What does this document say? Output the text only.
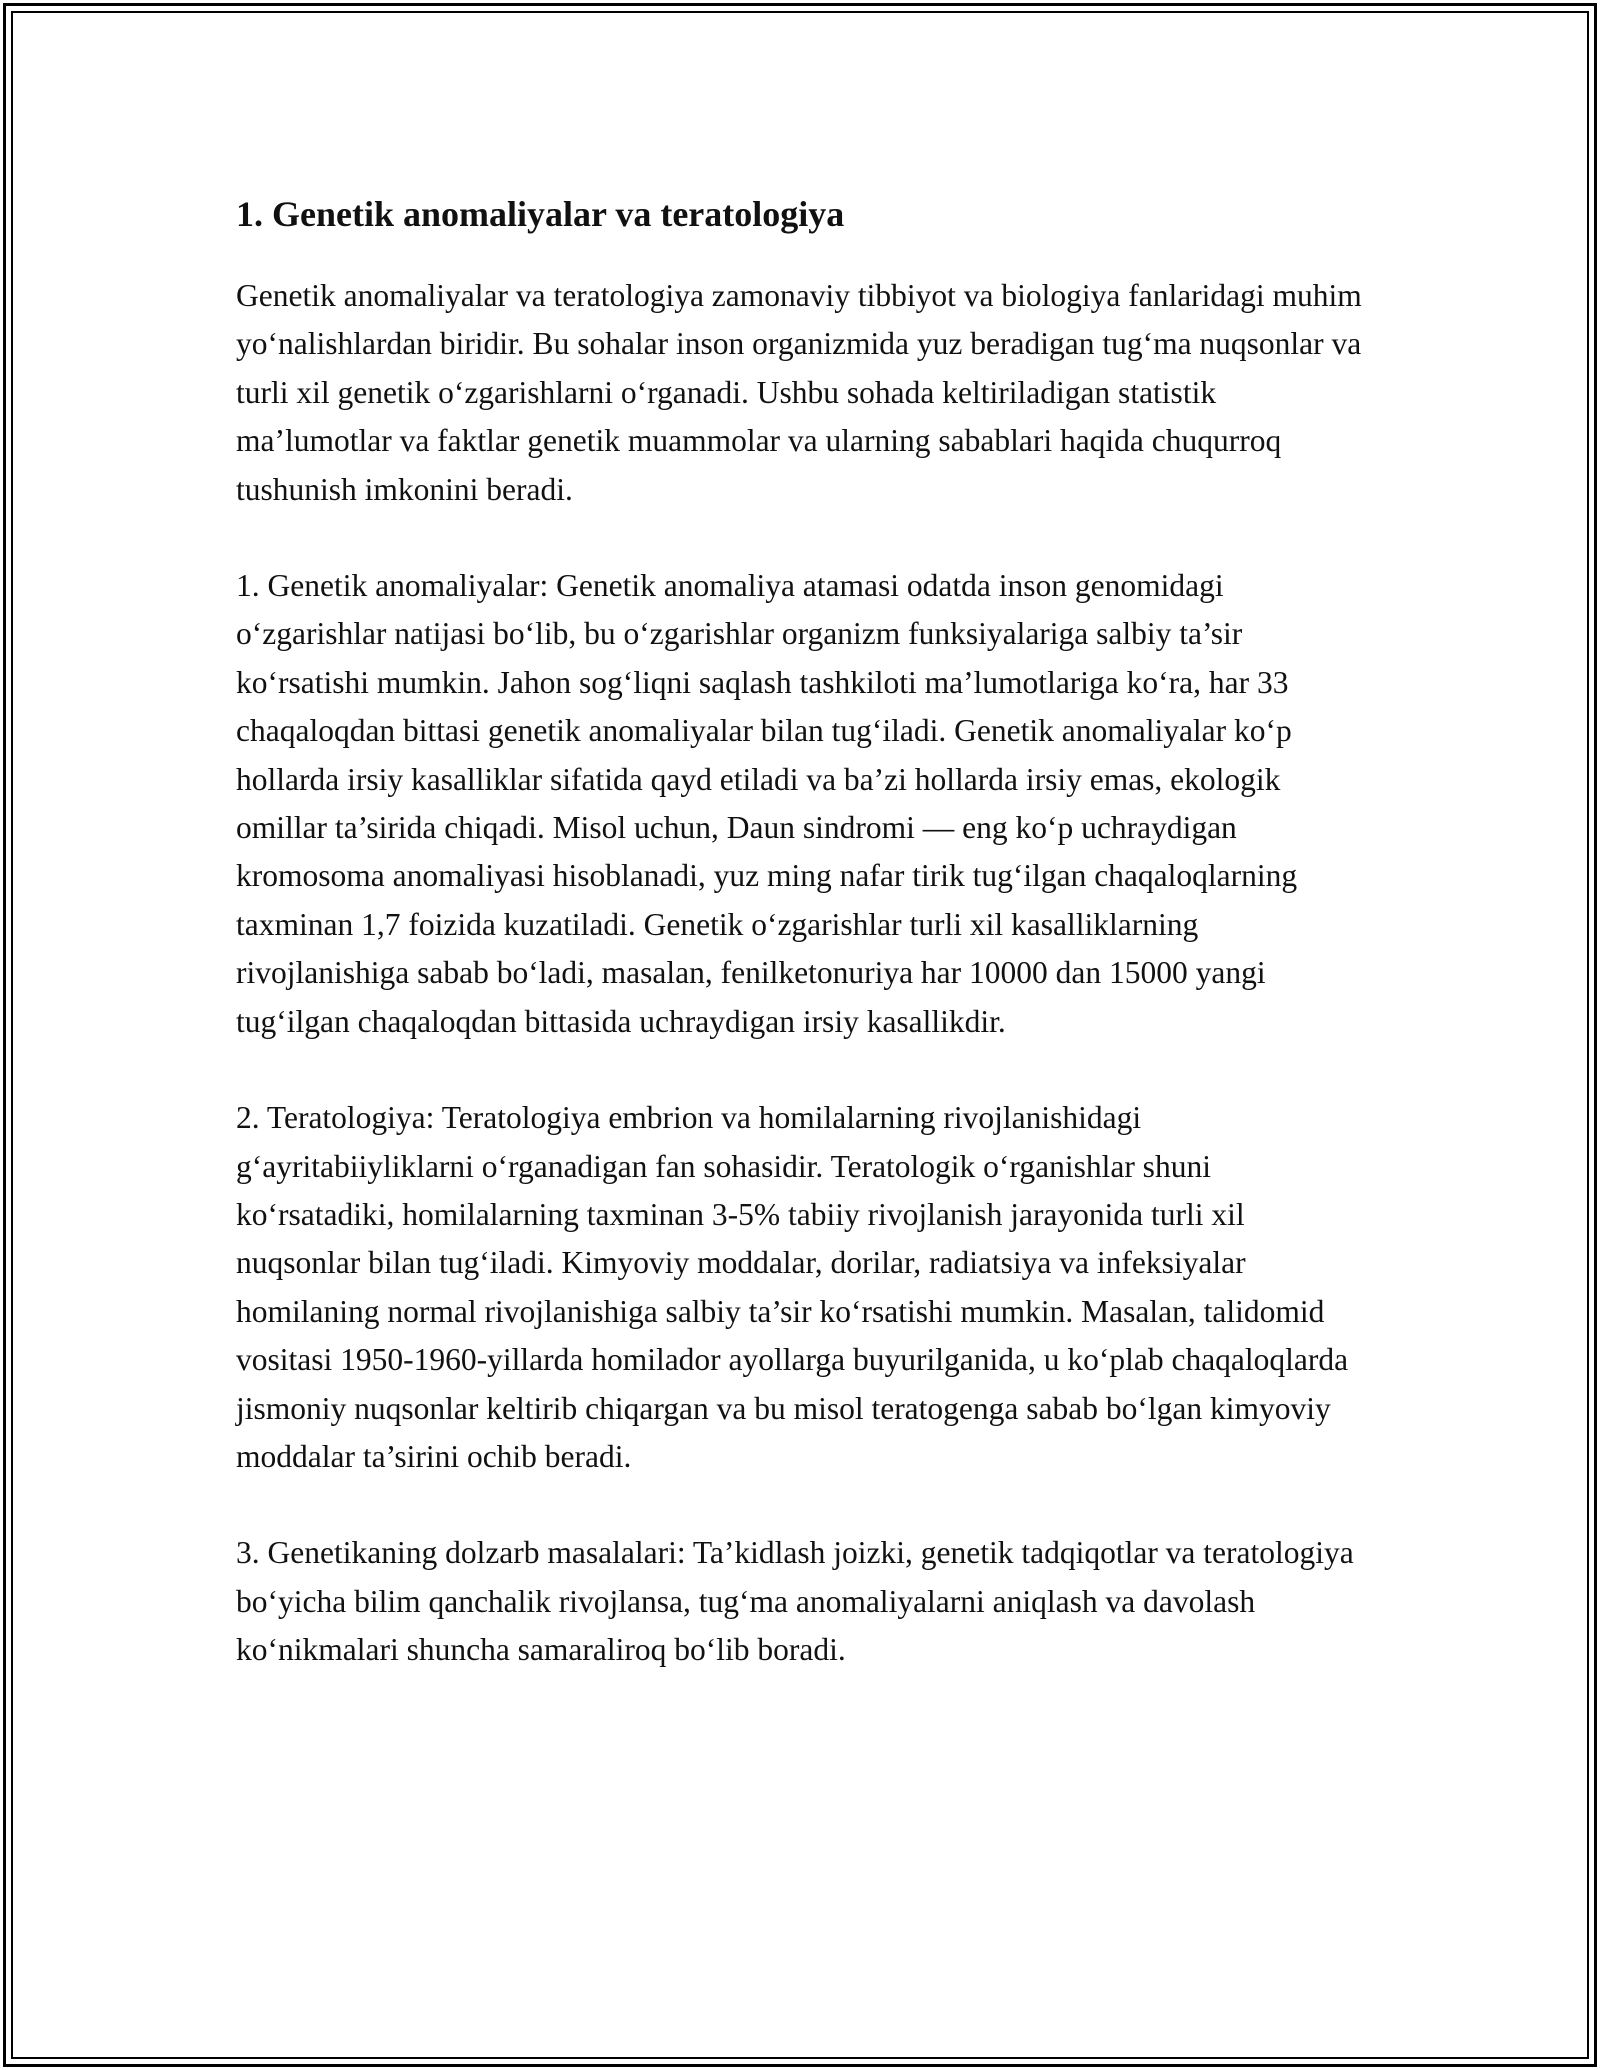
1. Genetik anomaliyalar va teratologiya

Genetik anomaliyalar va teratologiya zamonaviy tibbiyot va biologiya fanlaridagi muhim yo‘nalishlardan biridir. Bu sohalar inson organizmida yuz beradigan tug‘ma nuqsonlar va turli xil genetik o‘zgarishlarni o‘rganadi. Ushbu sohada keltiriladigan statistik ma’lumotlar va faktlar genetik muammolar va ularning sabablari haqida chuqurroq tushunish imkonini beradi.

1. Genetik anomaliyalar: Genetik anomaliya atamasi odatda inson genomidagi o‘zgarishlar natijasi bo‘lib, bu o‘zgarishlar organizm funksiyalariga salbiy ta’sir ko‘rsatishi mumkin. Jahon sog‘liqni saqlash tashkiloti ma’lumotlariga ko‘ra, har 33 chaqaloqdan bittasi genetik anomaliyalar bilan tug‘iladi. Genetik anomaliyalar ko‘p hollarda irsiy kasalliklar sifatida qayd etiladi va ba’zi hollarda irsiy emas, ekologik omillar ta’sirida chiqadi. Misol uchun, Daun sindromi — eng ko‘p uchraydigan kromosoma anomaliyasi hisoblanadi, yuz ming nafar tirik tug‘ilgan chaqaloqlarning taxminan 1,7 foizida kuzatiladi. Genetik o‘zgarishlar turli xil kasalliklarning rivojlanishiga sabab bo‘ladi, masalan, fenilketonuriya har 10000 dan 15000 yangi tug‘ilgan chaqaloqdan bittasida uchraydigan irsiy kasallikdir.

2. Teratologiya: Teratologiya embrion va homilalarning rivojlanishidagi g‘ayritabiiyliklarni o‘rganadigan fan sohasidir. Teratologik o‘rganishlar shuni ko‘rsatadiki, homilalarning taxminan 3-5% tabiiy rivojlanish jarayonida turli xil nuqsonlar bilan tug‘iladi. Kimyoviy moddalar, dorilar, radiatsiya va infeksiyalar homilaning normal rivojlanishiga salbiy ta’sir ko‘rsatishi mumkin. Masalan, talidomid vositasi 1950-1960-yillarda homilador ayollarga buyurilganida, u ko‘plab chaqaloqlarda jismoniy nuqsonlar keltirib chiqargan va bu misol teratogenga sabab bo‘lgan kimyoviy moddalar ta’sirini ochib beradi.

3. Genetikaning dolzarb masalalari: Ta’kidlash joizki, genetik tadqiqotlar va teratologiya bo‘yicha bilim qanchalik rivojlansa, tug‘ma anomaliyalarni aniqlash va davolash ko‘nikmalari shuncha samaraliroq bo‘lib boradi.
